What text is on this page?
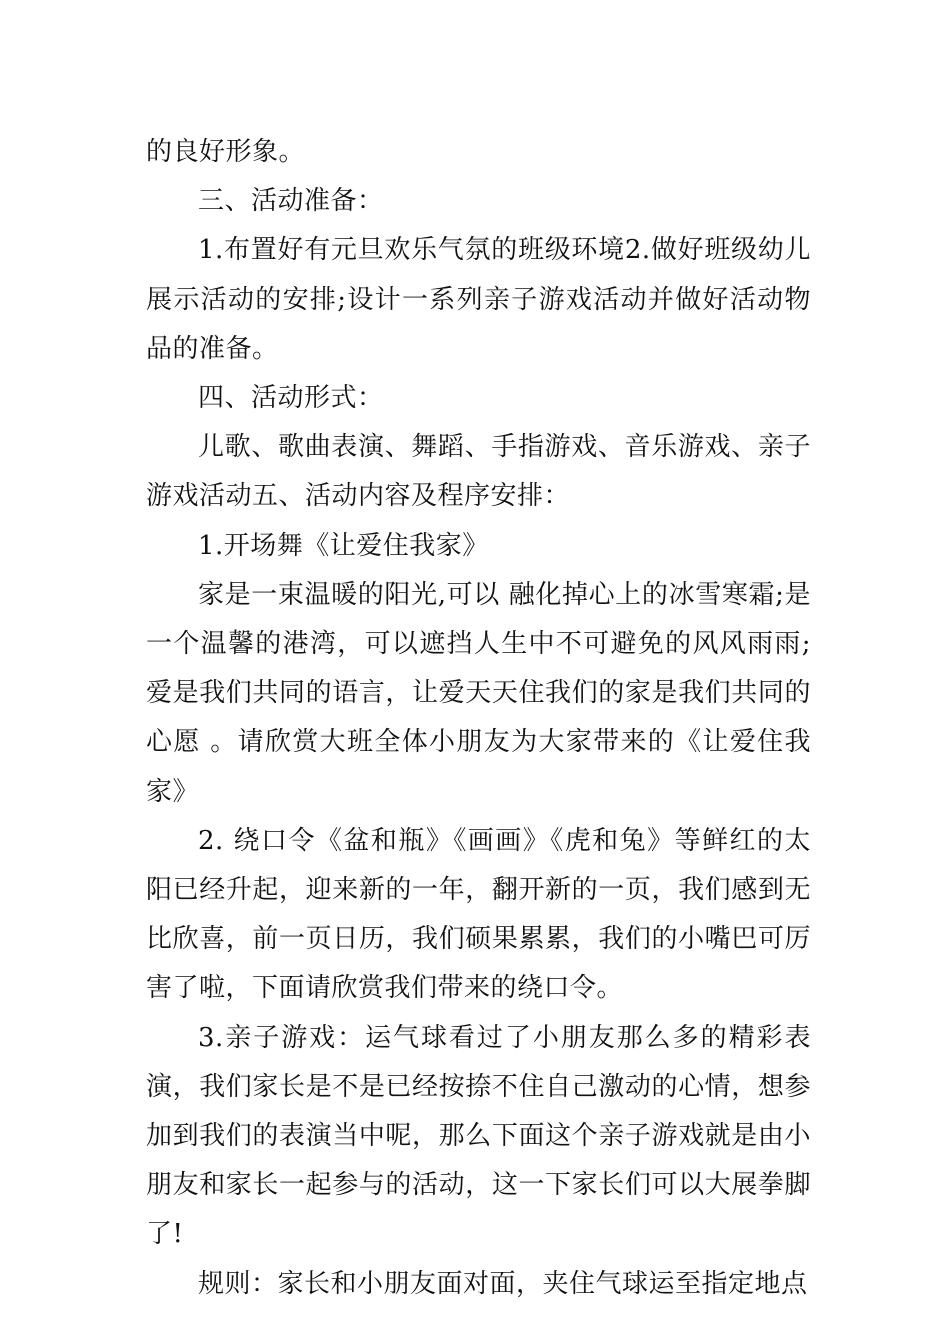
的良好形象。

三、活动准备：

1.布置好有元旦欢乐气氛的班级环境2.做好班级幼儿展示活动的安排;设计一系列亲子游戏活动并做好活动物品的准备。

四、活动形式：

儿歌、歌曲表演、舞蹈、手指游戏、音乐游戏、亲子游戏活动五、活动内容及程序安排：

1.开场舞《让爱住我家》

家是一束温暖的阳光,可以 融化掉心上的冰雪寒霜;是一个温馨的港湾，可以遮挡人生中不可避免的风风雨雨;爱是我们共同的语言，让爱天天住我们的家是我们共同的心愿 。请欣赏大班全体小朋友为大家带来的《让爱住我家》

2. 绕口令《盆和瓶》《画画》《虎和兔》等鲜红的太阳已经升起，迎来新的一年，翻开新的一页，我们感到无比欣喜，前一页日历，我们硕果累累，我们的小嘴巴可厉害了啦，下面请欣赏我们带来的绕口令。

3.亲子游戏：运气球看过了小朋友那么多的精彩表演，我们家长是不是已经按捺不住自己激动的心情，想参加到我们的表演当中呢，那么下面这个亲子游戏就是由小朋友和家长一起参与的活动，这一下家长们可以大展拳脚了!

规则：家长和小朋友面对面，夹住气球运至指定地点
